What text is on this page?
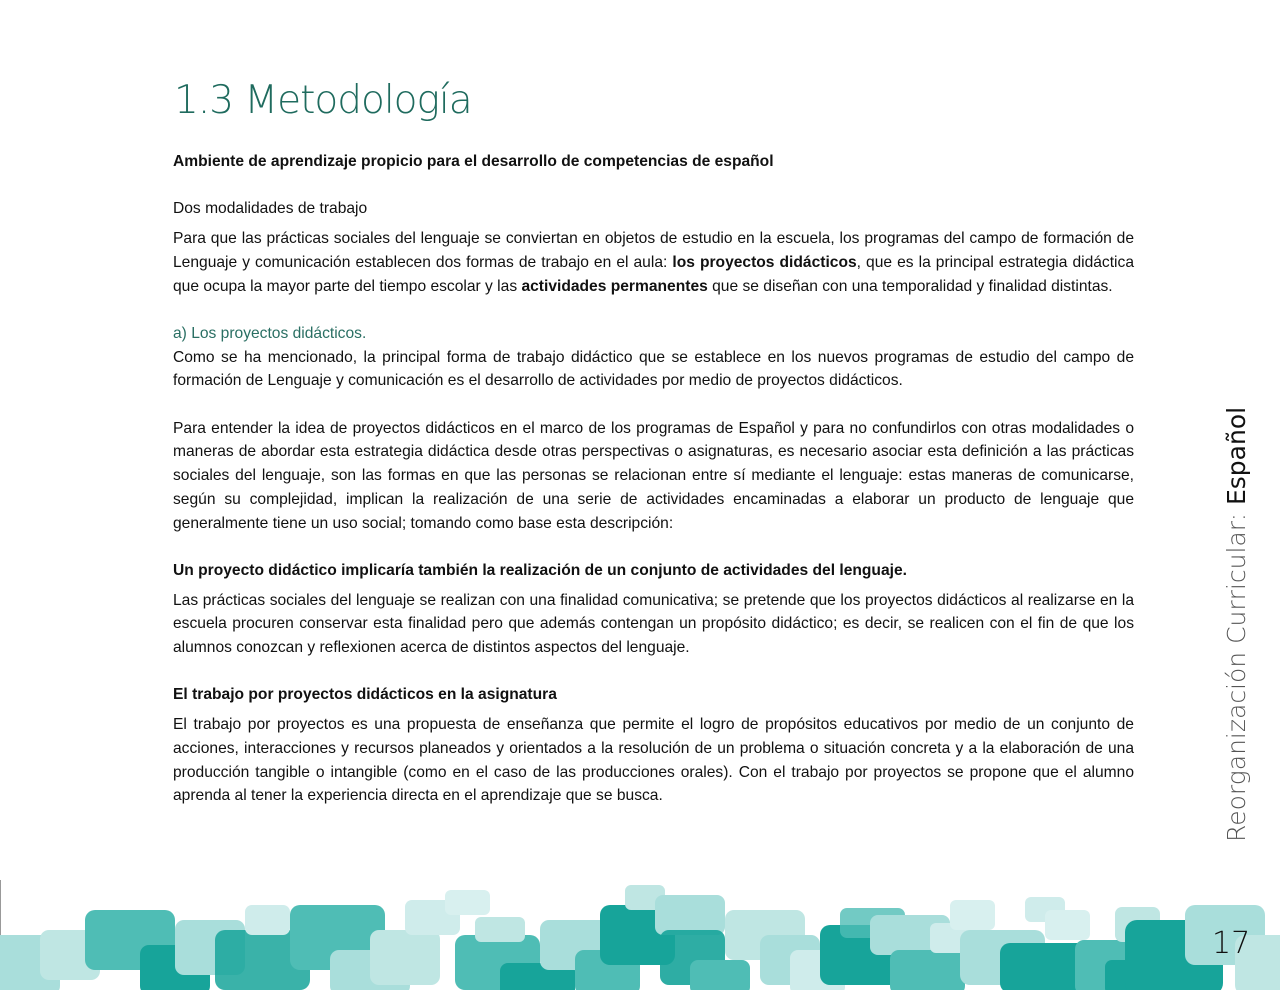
1.3 Metodología

Ambiente de aprendizaje propicio para el desarrollo de competencias de español

Dos modalidades de trabajo

Para que las prácticas sociales del lenguaje se conviertan en objetos de estudio en la escuela, los programas del campo de formación de Lenguaje y comunicación establecen dos formas de trabajo en el aula: los proyectos didácticos, que es la principal estrategia didáctica que ocupa la mayor parte del tiempo escolar y las actividades permanentes que se diseñan con una temporalidad y finalidad distintas.

a) Los proyectos didácticos.

Como se ha mencionado, la principal forma de trabajo didáctico que se establece en los nuevos programas de estudio del campo de formación de Lenguaje y comunicación es el desarrollo de actividades por medio de proyectos didácticos.

Para entender la idea de proyectos didácticos en el marco de los programas de Español y para no confundirlos con otras modalidades o maneras de abordar esta estrategia didáctica desde otras perspectivas o asignaturas, es necesario asociar esta definición a las prácticas sociales del lenguaje, son las formas en que las personas se relacionan entre sí mediante el lenguaje: estas maneras de comunicarse, según su complejidad, implican la realización de una serie de actividades encaminadas a elaborar un producto de lenguaje que generalmente tiene un uso social; tomando como base esta descripción:

Un proyecto didáctico implicaría también la realización de un conjunto de actividades del lenguaje.

Las prácticas sociales del lenguaje se realizan con una finalidad comunicativa; se pretende que los proyectos didácticos al realizarse en la escuela procuren conservar esta finalidad pero que además contengan un propósito didáctico; es decir, se realicen con el fin de que los alumnos conozcan y reflexionen acerca de distintos aspectos del lenguaje.

El trabajo por proyectos didácticos en la asignatura

El trabajo por proyectos es una propuesta de enseñanza que permite el logro de propósitos educativos por medio de un conjunto de acciones, interacciones y recursos planeados y orientados a la resolución de un problema o situación concreta y a la elaboración de una producción tangible o intangible (como en el caso de las producciones orales). Con el trabajo por proyectos se propone que el alumno aprenda al tener la experiencia directa en el aprendizaje que se busca.	Reorganización Curricular: Español
17
